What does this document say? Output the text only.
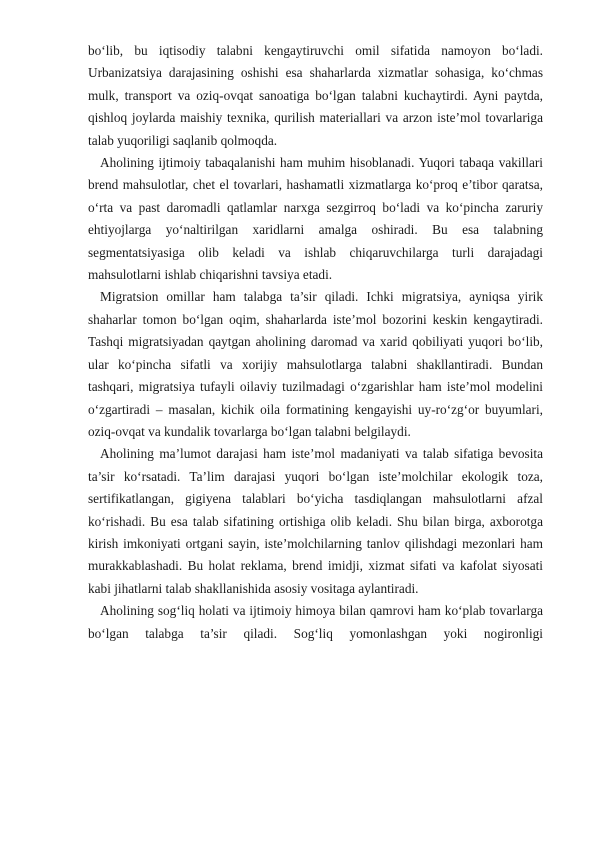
bo‘lib, bu iqtisodiy talabni kengaytiruvchi omil sifatida namoyon bo‘ladi. Urbanizatsiya darajasining oshishi esa shaharlarda xizmatlar sohasiga, ko‘chmas mulk, transport va oziq-ovqat sanoatiga bo‘lgan talabni kuchaytirdi. Ayni paytda, qishloq joylarda maishiy texnika, qurilish materiallari va arzon iste’mol tovarlariga talab yuqoriligi saqlanib qolmoqda.

Aholining ijtimoiy tabaqalanishi ham muhim hisoblanadi. Yuqori tabaqa vakillari brend mahsulotlar, chet el tovarlari, hashamatli xizmatlarga ko‘proq e’tibor qaratsa, o‘rta va past daromadli qatlamlar narxga sezgirroq bo‘ladi va ko‘pincha zaruriy ehtiyojlarga yo‘naltirilgan xaridlarni amalga oshiradi. Bu esa talabning segmentatsiyasiga olib keladi va ishlab chiqaruvchilarga turli darajadagi mahsulotlarni ishlab chiqarishni tavsiya etadi.

Migratsion omillar ham talabga ta’sir qiladi. Ichki migratsiya, ayniqsa yirik shaharlar tomon bo‘lgan oqim, shaharlarda iste’mol bozorini keskin kengaytiradi. Tashqi migratsiyadan qaytgan aholining daromad va xarid qobiliyati yuqori bo‘lib, ular ko‘pincha sifatli va xorijiy mahsulotlarga talabni shakllantiradi. Bundan tashqari, migratsiya tufayli oilaviy tuzilmadagi o‘zgarishlar ham iste’mol modelini o‘zgartiradi – masalan, kichik oila formatining kengayishi uy-ro‘zg‘or buyumlari, oziq-ovqat va kundalik tovarlarga bo‘lgan talabni belgilaydi.

Aholining ma’lumot darajasi ham iste’mol madaniyati va talab sifatiga bevosita ta’sir ko‘rsatadi. Ta’lim darajasi yuqori bo‘lgan iste’molchilar ekologik toza, sertifikatlangan, gigiyena talablari bo‘yicha tasdiqlangan mahsulotlarni afzal ko‘rishadi. Bu esa talab sifatining ortishiga olib keladi. Shu bilan birga, axborotga kirish imkoniyati ortgani sayin, iste’molchilarning tanlov qilishdagi mezonlari ham murakkablashadi. Bu holat reklama, brend imidji, xizmat sifati va kafolat siyosati kabi jihatlarni talab shakllanishida asosiy vositaga aylantiradi.

Aholining sog‘liq holati va ijtimoiy himoya bilan qamrovi ham ko‘plab tovarlarga bo‘lgan talabga ta’sir qiladi. Sog‘liq yomonlashgan yoki nogironligi
